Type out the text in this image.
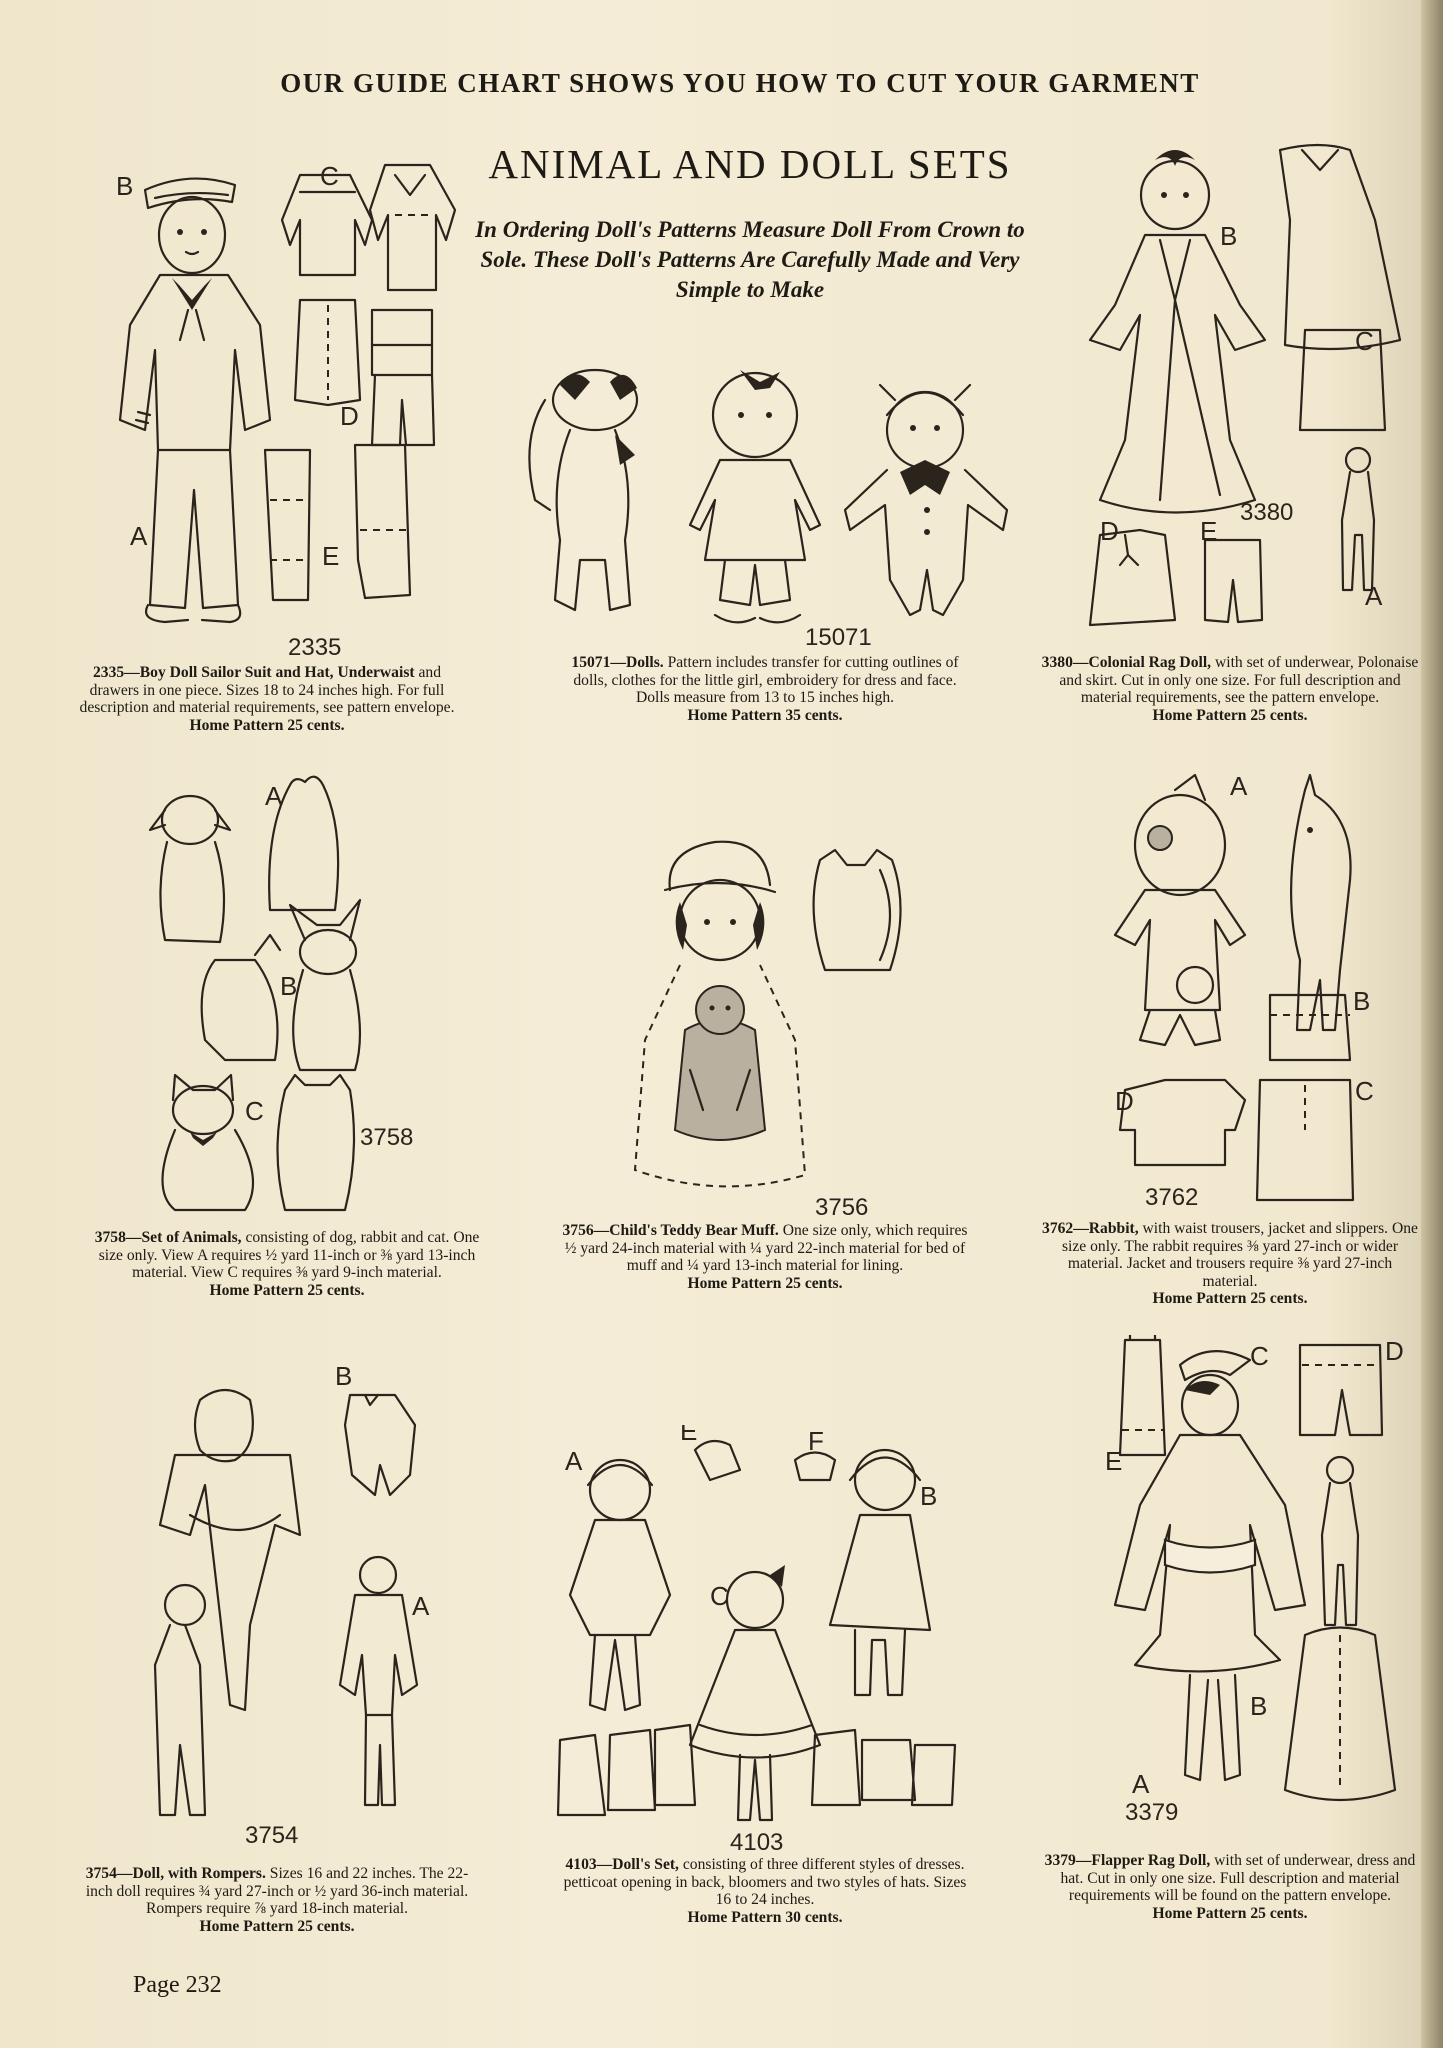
OUR GUIDE CHART SHOWS YOU HOW TO CUT YOUR GARMENT
ANIMAL AND DOLL SETS
In Ordering Doll's Patterns Measure Doll From Crown to Sole. These Doll's Patterns Are Carefully Made and Very Simple to Make
B	C
D
A
E
2335	15071
B
C
D	E
A
3380
A
B
C
3758
3756
A
B
C
D
3762
B
A
3754
A
E	F
B
C
4103
C	D
E
B
A
3379
2335—Boy Doll Sailor Suit and Hat, Underwaist and drawers in one piece. Sizes 18 to 24 inches high. For full description and material requirements, see pattern envelope.
Home Pattern 25 cents.
15071—Dolls. Pattern includes transfer for cutting outlines of dolls, clothes for the little girl, embroidery for dress and face. Dolls measure from 13 to 15 inches high.
Home Pattern 35 cents.
3380—Colonial Rag Doll, with set of underwear, Polonaise and skirt. Cut in only one size. For full description and material requirements, see the pattern envelope.
Home Pattern 25 cents.
3758—Set of Animals, consisting of dog, rabbit and cat. One size only. View A requires ½ yard 11-inch or ⅜ yard 13-inch material. View C requires ⅜ yard 9-inch material.
Home Pattern 25 cents.
3756—Child's Teddy Bear Muff. One size only, which requires ½ yard 24-inch material with ¼ yard 22-inch material for bed of muff and ¼ yard 13-inch material for lining.
Home Pattern 25 cents.
3762—Rabbit, with waist trousers, jacket and slippers. One size only. The rabbit requires ⅜ yard 27-inch or wider material. Jacket and trousers require ⅜ yard 27-inch material.
Home Pattern 25 cents.
3754—Doll, with Rompers. Sizes 16 and 22 inches. The 22-inch doll requires ¾ yard 27-inch or ½ yard 36-inch material. Rompers require ⅞ yard 18-inch material.
Home Pattern 25 cents.
4103—Doll's Set, consisting of three different styles of dresses. petticoat opening in back, bloomers and two styles of hats. Sizes 16 to 24 inches.
Home Pattern 30 cents.
3379—Flapper Rag Doll, with set of underwear, dress and hat. Cut in only one size. Full description and material requirements will be found on the pattern envelope.
Home Pattern 25 cents.
Page 232
